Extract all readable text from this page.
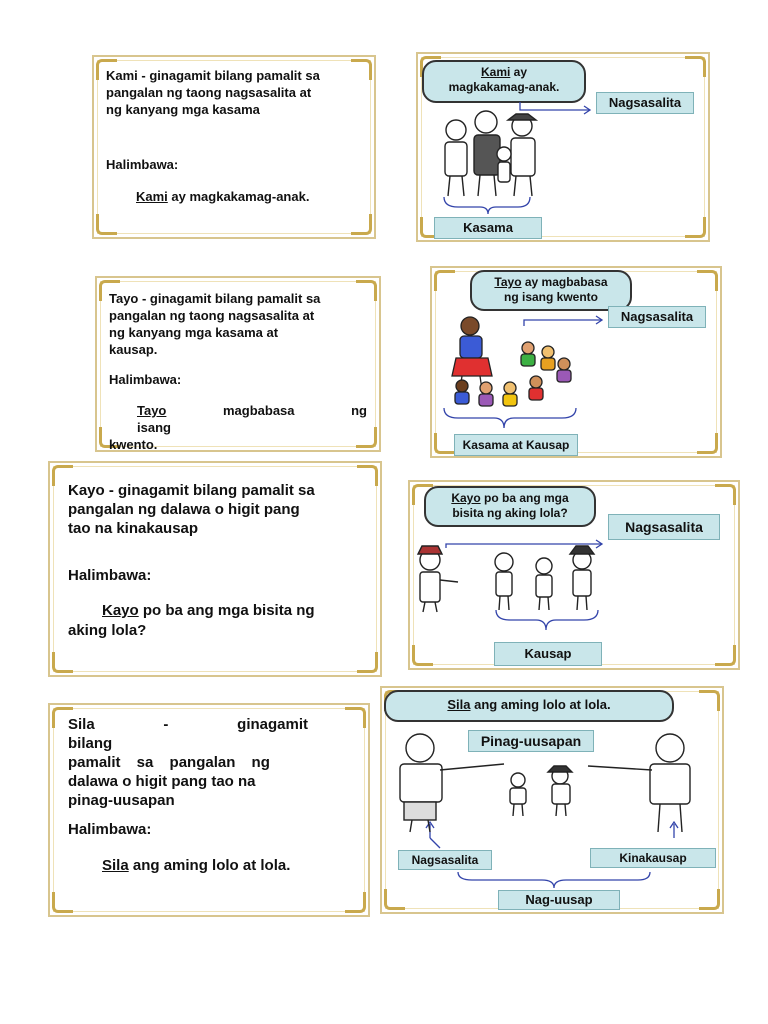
Kami - ginagamit bilang pamalit sa
pangalan ng taong nagsasalita at
ng kanyang mga kasama
Halimbawa:
Kami ay magkakamag-anak.
Kami ay
magkakamag-anak.
Nagsasalita
Kasama
Tayo - ginagamit bilang pamalit sa
pangalan ng taong nagsasalita at
ng kanyang mga kasama at
kausap.
Halimbawa:
Tayo magbabasa ng isang
kwento.
Tayo ay magbabasa
ng isang kwento
Nagsasalita
Kasama at Kausap
Kayo - ginagamit bilang pamalit sa
pangalan ng dalawa o higit pang
tao na kinakausap
Halimbawa:
Kayo po ba ang mga bisita ng
aking lola?
Kayo po ba ang mga
bisita ng aking lola?
Nagsasalita
Kausap
Sila - ginagamit bilang
pamalit sa pangalan ng
dalawa o higit pang tao na
pinag-uusapan
Halimbawa:
Sila ang aming lolo at lola.
Sila ang aming lolo at lola.
Pinag-uusapan
Nagsasalita	Kinakausap
Nag-uusap
